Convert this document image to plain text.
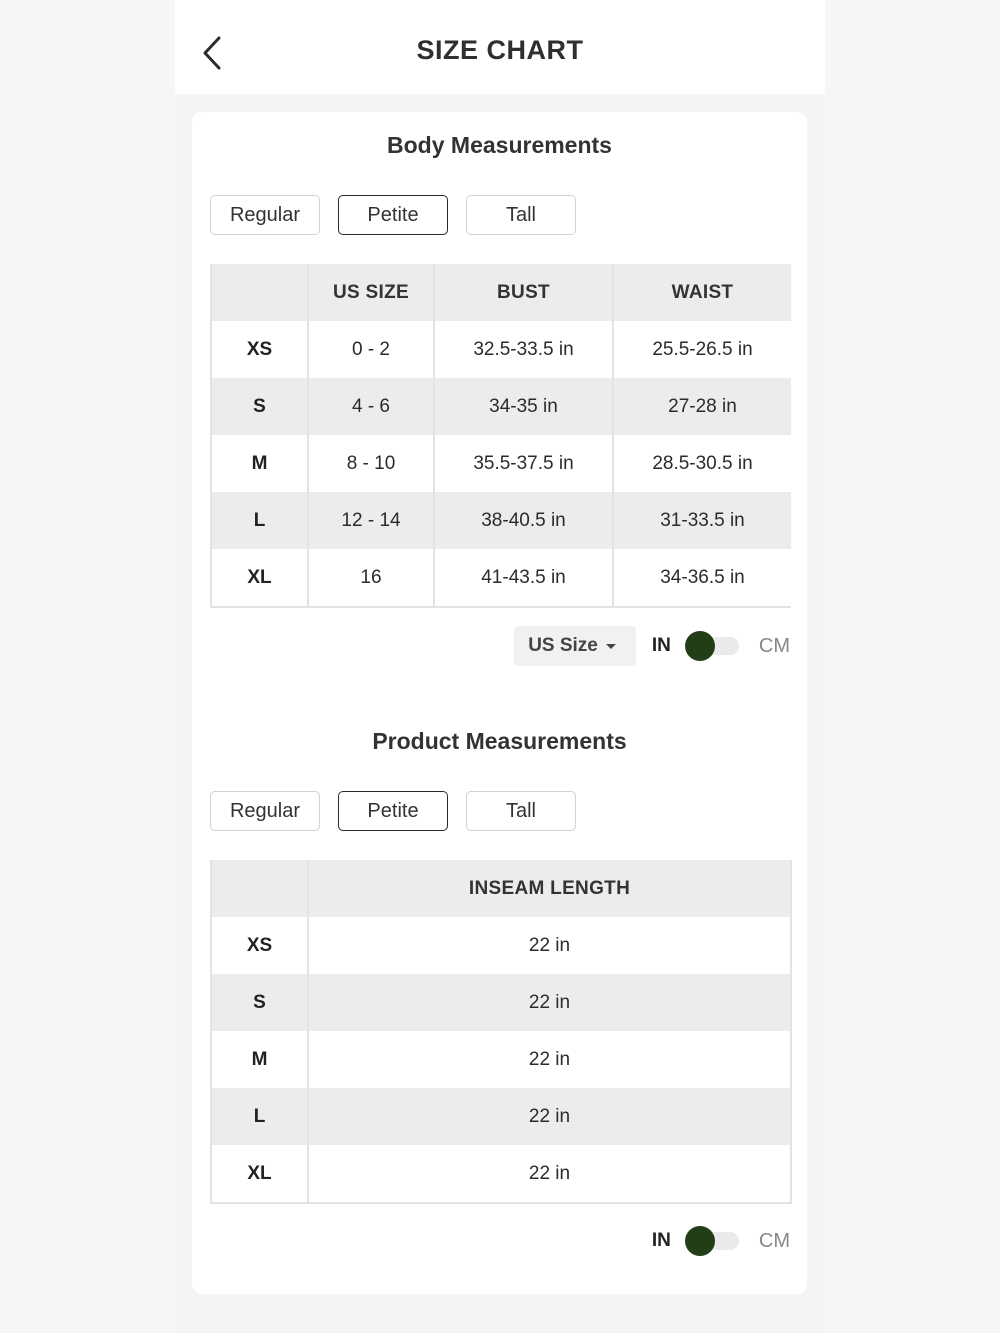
SIZE CHART
Body Measurements
Regular	Petite	Tall
	US SIZE	BUST	WAIST
XS	0 - 2	32.5-33.5 in	25.5-26.5 in
S	4 - 6	34-35 in	27-28 in
M	8 - 10	35.5-37.5 in	28.5-30.5 in
L	12 - 14	38-40.5 in	31-33.5 in
XL	16	41-43.5 in	34-36.5 in
US Size	IN	CM
Product Measurements
Regular	Petite	Tall
	INSEAM LENGTH
XS	22 in
S	22 in
M	22 in
L	22 in
XL	22 in
IN	CM
